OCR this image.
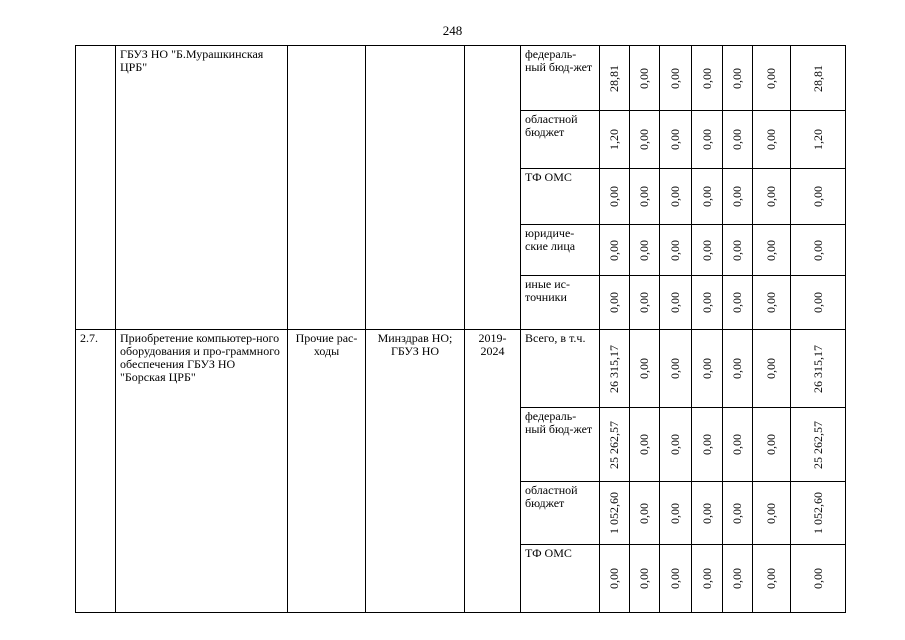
248
	ГБУЗ НО "Б.Мурашкинская ЦРБ"				федераль-ный бюд-жет	28,81	0,00	0,00	0,00	0,00	0,00	28,81

					областной бюджет	1,20	0,00	0,00	0,00	0,00	0,00	1,20

					ТФ ОМС	0,00	0,00	0,00	0,00	0,00	0,00	0,00

					юридиче-ские лица	0,00	0,00	0,00	0,00	0,00	0,00	0,00

					иные ис-точники	0,00	0,00	0,00	0,00	0,00	0,00	0,00

2.7.	Приобретение компьютер-ного оборудования и про-граммного обеспечения ГБУЗ НО "Борская ЦРБ"	Прочие рас-ходы	Минздрав НО; ГБУЗ НО	2019-2024	Всего, в т.ч.	26 315,17	0,00	0,00	0,00	0,00	0,00	26 315,17

					федераль-ный бюд-жет	25 262,57	0,00	0,00	0,00	0,00	0,00	25 262,57

					областной бюджет	1 052,60	0,00	0,00	0,00	0,00	0,00	1 052,60

					ТФ ОМС	0,00	0,00	0,00	0,00	0,00	0,00	0,00
